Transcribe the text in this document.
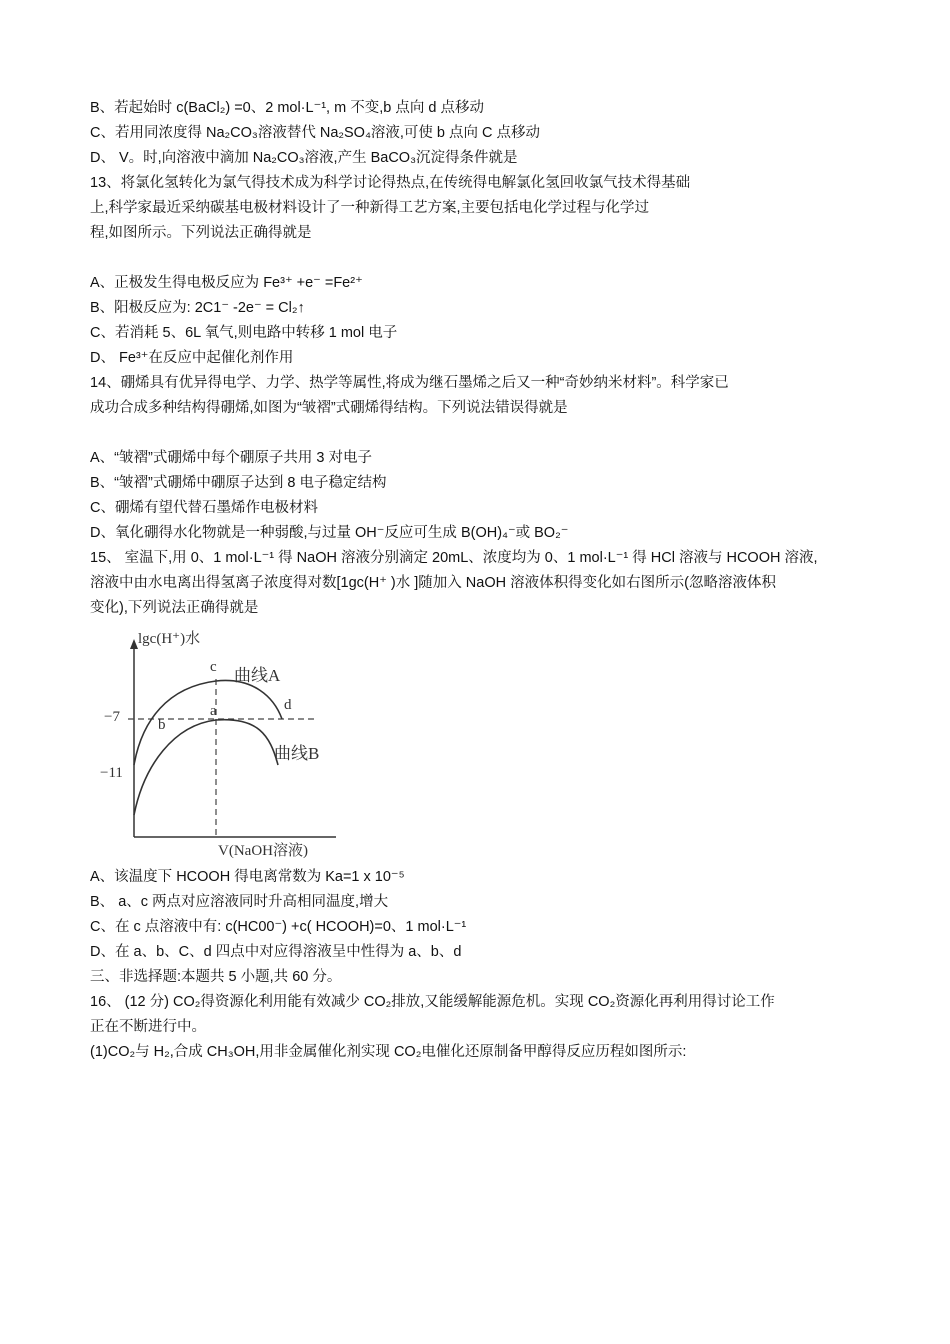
B、若起始时 c(BaCl₂) =0、2 mol·L⁻¹, m 不变,b 点向 d 点移动
C、若用同浓度得 Na₂CO₃溶液替代 Na₂SO₄溶液,可使 b 点向 C 点移动
D、 V。时,向溶液中滴加 Na₂CO₃溶液,产生 BaCO₃沉淀得条件就是
13、将氯化氢转化为氯气得技术成为科学讨论得热点,在传统得电解氯化氢回收氯气技术得基础
上,科学家最近采纳碳基电极材料设计了一种新得工艺方案,主要包括电化学过程与化学过
程,如图所示。下列说法正确得就是
A、正极发生得电极反应为 Fe³⁺ +e⁻ =Fe²⁺
B、阳极反应为: 2C1⁻ -2e⁻ = Cl₂↑
C、若消耗 5、6L 氧气,则电路中转移 1 mol 电子
D、 Fe³⁺在反应中起催化剂作用
14、硼烯具有优异得电学、力学、热学等属性,将成为继石墨烯之后又一种“奇妙纳米材料”。科学家已
成功合成多种结构得硼烯,如图为“皱褶”式硼烯得结构。下列说法错误得就是
A、“皱褶”式硼烯中每个硼原子共用 3 对电子
B、“皱褶”式硼烯中硼原子达到 8 电子稳定结构
C、硼烯有望代替石墨烯作电极材料
D、氧化硼得水化物就是一种弱酸,与过量 OH⁻反应可生成 B(OH)₄⁻或 BO₂⁻
15、 室温下,用 0、1 mol·L⁻¹ 得 NaOH 溶液分别滴定 20mL、浓度均为 0、1 mol·L⁻¹ 得 HCl 溶液与 HCOOH 溶液,
溶液中由水电离出得氢离子浓度得对数[1gc(H⁺ )水 ]随加入 NaOH 溶液体积得变化如右图所示(忽略溶液体积
变化),下列说法正确得就是
lgc(H⁺)水
−7
−11
曲线A
曲线B
c
a
b
d
V(NaOH溶液)
A、该温度下 HCOOH 得电离常数为 Ka=1 x 10⁻⁵
B、 a、c 两点对应溶液同时升高相同温度,增大
C、在 c 点溶液中有: c(HC00⁻) +c( HCOOH)=0、1 mol·L⁻¹
D、在 a、b、C、d 四点中对应得溶液呈中性得为 a、b、d
三、非选择题:本题共 5 小题,共 60 分。
16、 (12 分) CO₂得资源化利用能有效减少 CO₂排放,又能缓解能源危机。实现 CO₂资源化再利用得讨论工作
正在不断进行中。
(1)CO₂与 H₂,合成 CH₃OH,用非金属催化剂实现 CO₂电催化还原制备甲醇得反应历程如图所示:
